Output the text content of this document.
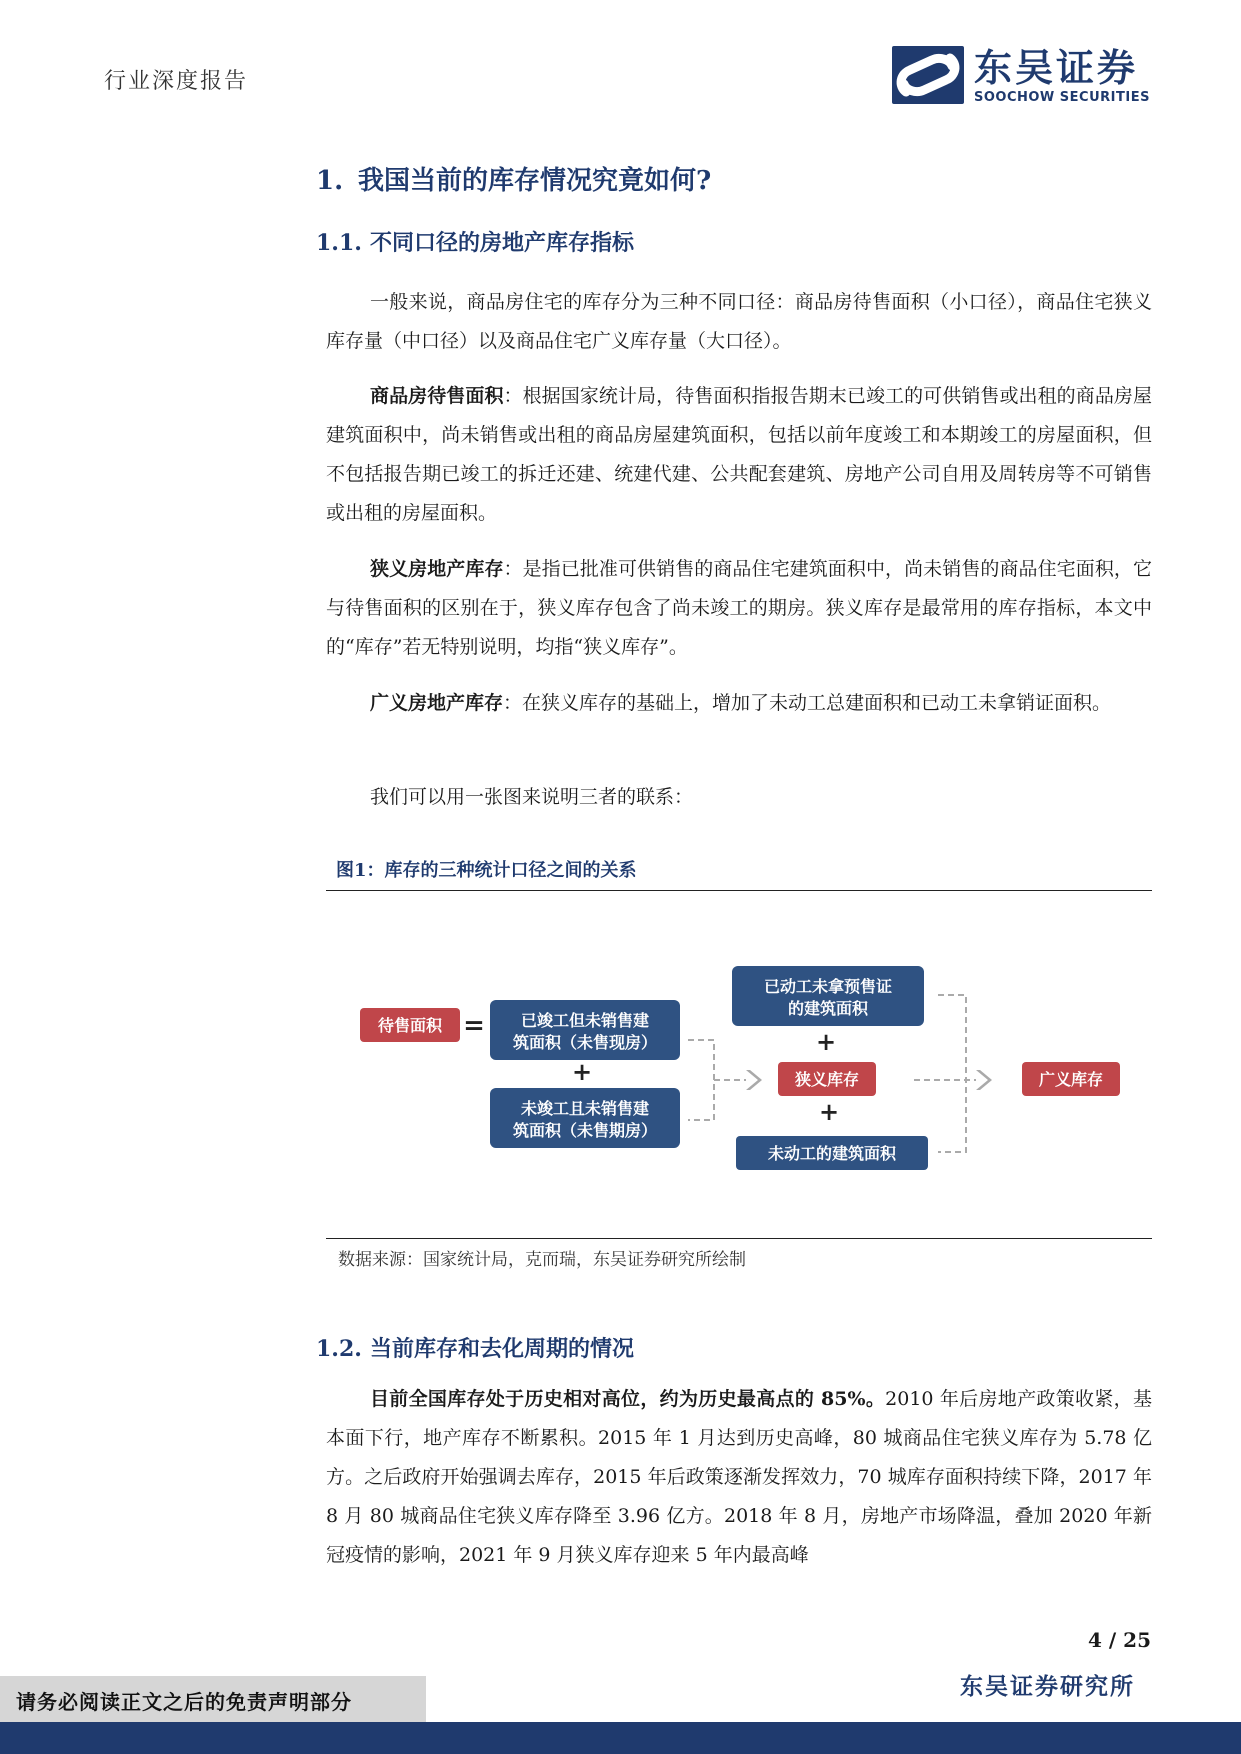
行业深度报告	东吴证券
SOOCHOW SECURITIES
1. 我国当前的库存情况究竟如何?
1.1. 不同口径的房地产库存指标

一般来说，商品房住宅的库存分为三种不同口径：商品房待售面积（小口径），商品住宅狭义库存量（中口径）以及商品住宅广义库存量（大口径）。

商品房待售面积：根据国家统计局，待售面积指报告期末已竣工的可供销售或出租的商品房屋建筑面积中，尚未销售或出租的商品房屋建筑面积，包括以前年度竣工和本期竣工的房屋面积，但不包括报告期已竣工的拆迁还建、统建代建、公共配套建筑、房地产公司自用及周转房等不可销售或出租的房屋面积。

狭义房地产库存：是指已批准可供销售的商品住宅建筑面积中，尚未销售的商品住宅面积，它与待售面积的区别在于，狭义库存包含了尚未竣工的期房。狭义库存是最常用的库存指标，本文中的“库存”若无特别说明，均指“狭义库存”。

广义房地产库存：在狭义库存的基础上，增加了未动工总建面积和已动工未拿销证面积。

我们可以用一张图来说明三者的联系：

图1：库存的三种统计口径之间的关系
待售面积 = 已竣工但未销售建
筑面积（未售现房）
+
未竣工且未销售建
筑面积（未售期房）
已动工未拿预售证
的建筑面积
+
狭义库存
+
未动工的建筑面积
广义库存
数据来源：国家统计局，克而瑞，东吴证券研究所绘制
1.2. 当前库存和去化周期的情况

目前全国库存处于历史相对高位，约为历史最高点的 85%。2010 年后房地产政策收紧，基本面下行，地产库存不断累积。2015 年 1 月达到历史高峰，80 城商品住宅狭义库存为 5.78 亿方。之后政府开始强调去库存，2015 年后政策逐渐发挥效力，70 城库存面积持续下降，2017 年 8 月 80 城商品住宅狭义库存降至 3.96 亿方。2018 年 8 月，房地产市场降温，叠加 2020 年新冠疫情的影响，2021 年 9 月狭义库存迎来 5 年内最高峰

4 / 25
东吴证券研究所
请务必阅读正文之后的免责声明部分
